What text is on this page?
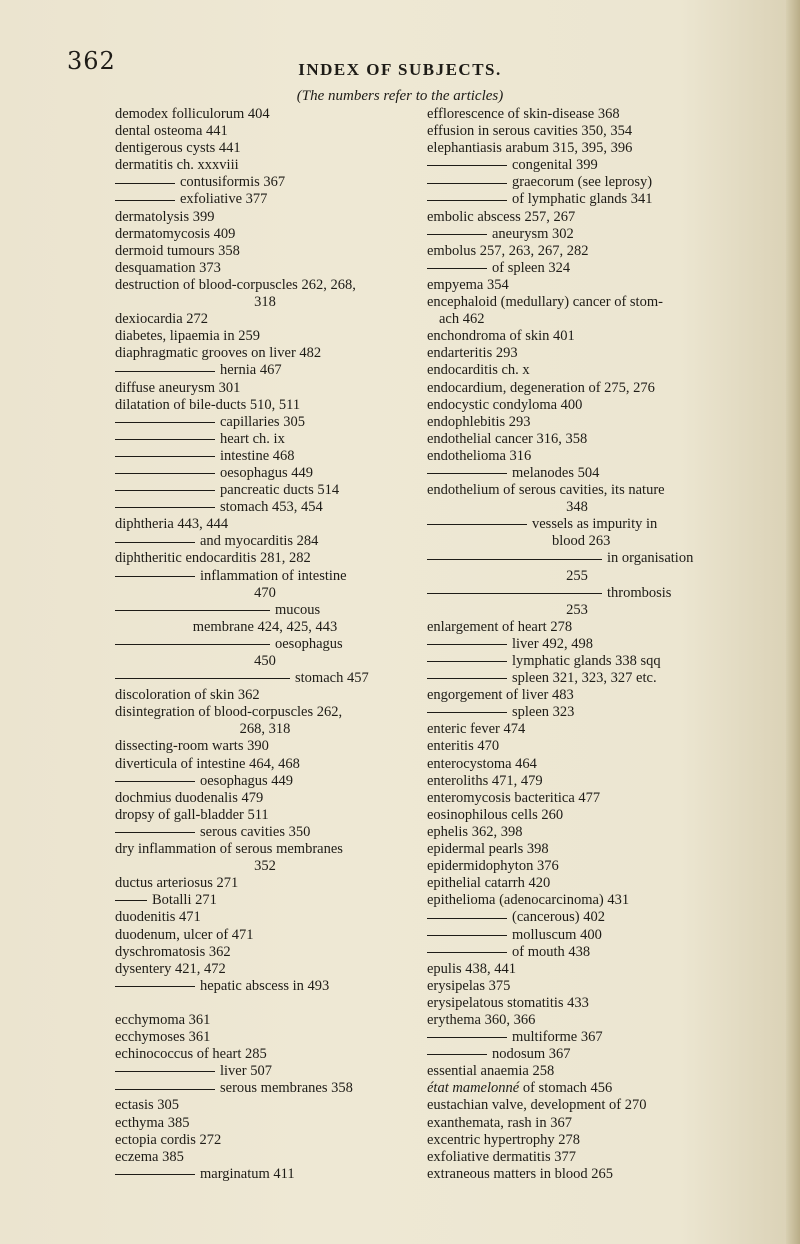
362	INDEX OF SUBJECTS.
(The numbers refer to the articles)
demodex folliculorum 404
dental osteoma 441
dentigerous cysts 441
dermatitis ch. xxxviii
contusiformis 367
exfoliative 377
dermatolysis 399
dermatomycosis 409
dermoid tumours 358
desquamation 373
destruction of blood-corpuscles 262, 268,
318
dexiocardia 272
diabetes, lipaemia in 259
diaphragmatic grooves on liver 482
hernia 467
diffuse aneurysm 301
dilatation of bile-ducts 510, 511
capillaries 305
heart ch. ix
intestine 468
oesophagus 449
pancreatic ducts 514
stomach 453, 454
diphtheria 443, 444
and myocarditis 284
diphtheritic endocarditis 281, 282
inflammation of intestine
470
mucous
membrane 424, 425, 443
oesophagus
450
stomach 457
discoloration of skin 362
disintegration of blood-corpuscles 262,
268, 318
dissecting-room warts 390
diverticula of intestine 464, 468
oesophagus 449
dochmius duodenalis 479
dropsy of gall-bladder 511
serous cavities 350
dry inflammation of serous membranes
352
ductus arteriosus 271
Botalli 271
duodenitis 471
duodenum, ulcer of 471
dyschromatosis 362
dysentery 421, 472
hepatic abscess in 493
ecchymoma 361
ecchymoses 361
echinococcus of heart 285
liver 507
serous membranes 358
ectasis 305
ecthyma 385
ectopia cordis 272
eczema 385
marginatum 411
efflorescence of skin-disease 368
effusion in serous cavities 350, 354
elephantiasis arabum 315, 395, 396
congenital 399
graecorum (see leprosy)
of lymphatic glands 341
embolic abscess 257, 267
aneurysm 302
embolus 257, 263, 267, 282
of spleen 324
empyema 354
encephaloid (medullary) cancer of stom-
ach 462
enchondroma of skin 401
endarteritis 293
endocarditis ch. x
endocardium, degeneration of 275, 276
endocystic condyloma 400
endophlebitis 293
endothelial cancer 316, 358
endothelioma 316
melanodes 504
endothelium of serous cavities, its nature
348
vessels as impurity in
blood 263
in organisation
255
thrombosis
253
enlargement of heart 278
liver 492, 498
lymphatic glands 338 sqq
spleen 321, 323, 327 etc.
engorgement of liver 483
spleen 323
enteric fever 474
enteritis 470
enterocystoma 464
enteroliths 471, 479
enteromycosis bacteritica 477
eosinophilous cells 260
ephelis 362, 398
epidermal pearls 398
epidermidophyton 376
epithelial catarrh 420
epithelioma (adenocarcinoma) 431
(cancerous) 402
molluscum 400
of mouth 438
epulis 438, 441
erysipelas 375
erysipelatous stomatitis 433
erythema 360, 366
multiforme 367
nodosum 367
essential anaemia 258
état mamelonné of stomach 456
eustachian valve, development of 270
exanthemata, rash in 367
excentric hypertrophy 278
exfoliative dermatitis 377
extraneous matters in blood 265
